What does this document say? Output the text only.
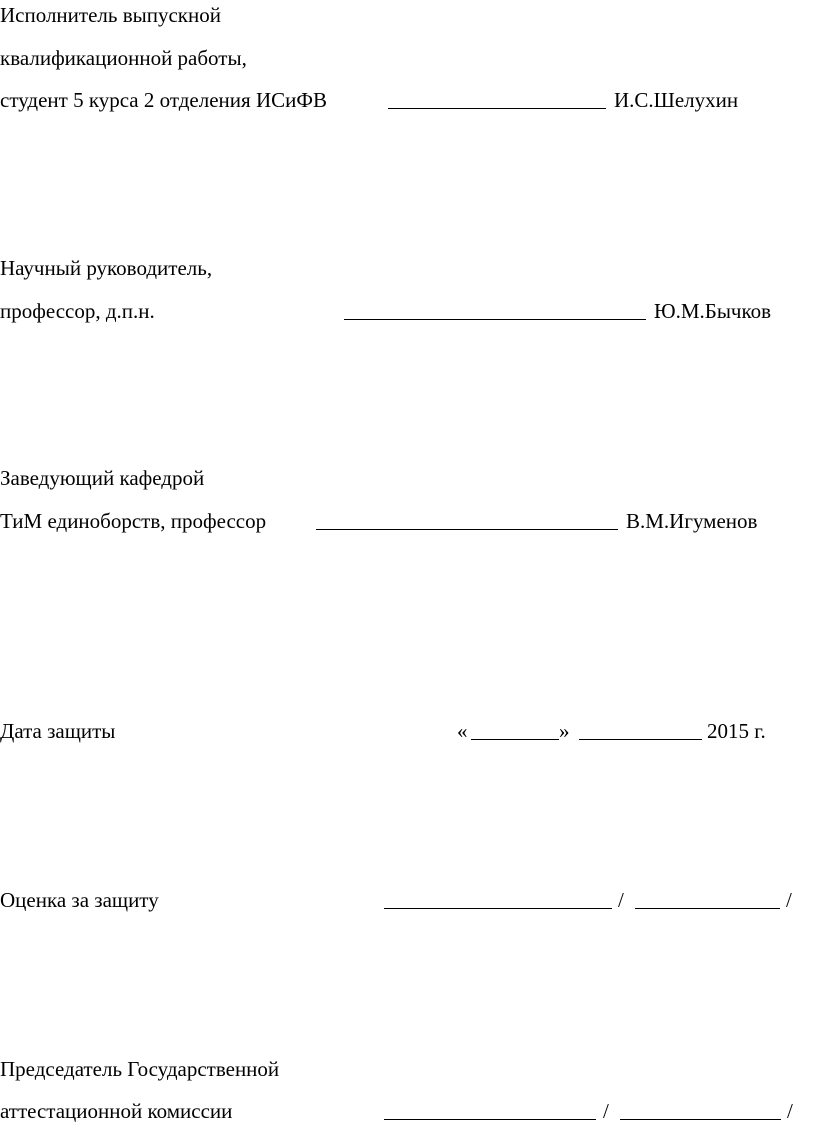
Исполнитель выпускной
квалификационной работы,
студент 5 курса 2 отделения ИСиФВ	И.С.Шелухин
Научный руководитель,
профессор, д.п.н.	Ю.М.Бычков
Заведующий кафедрой
ТиМ единоборств, профессор	В.М.Игуменов
Дата защиты	«	»	2015 г.
Оценка за защиту	/	/
Председатель Государственной
аттестационной комиссии	/	/
